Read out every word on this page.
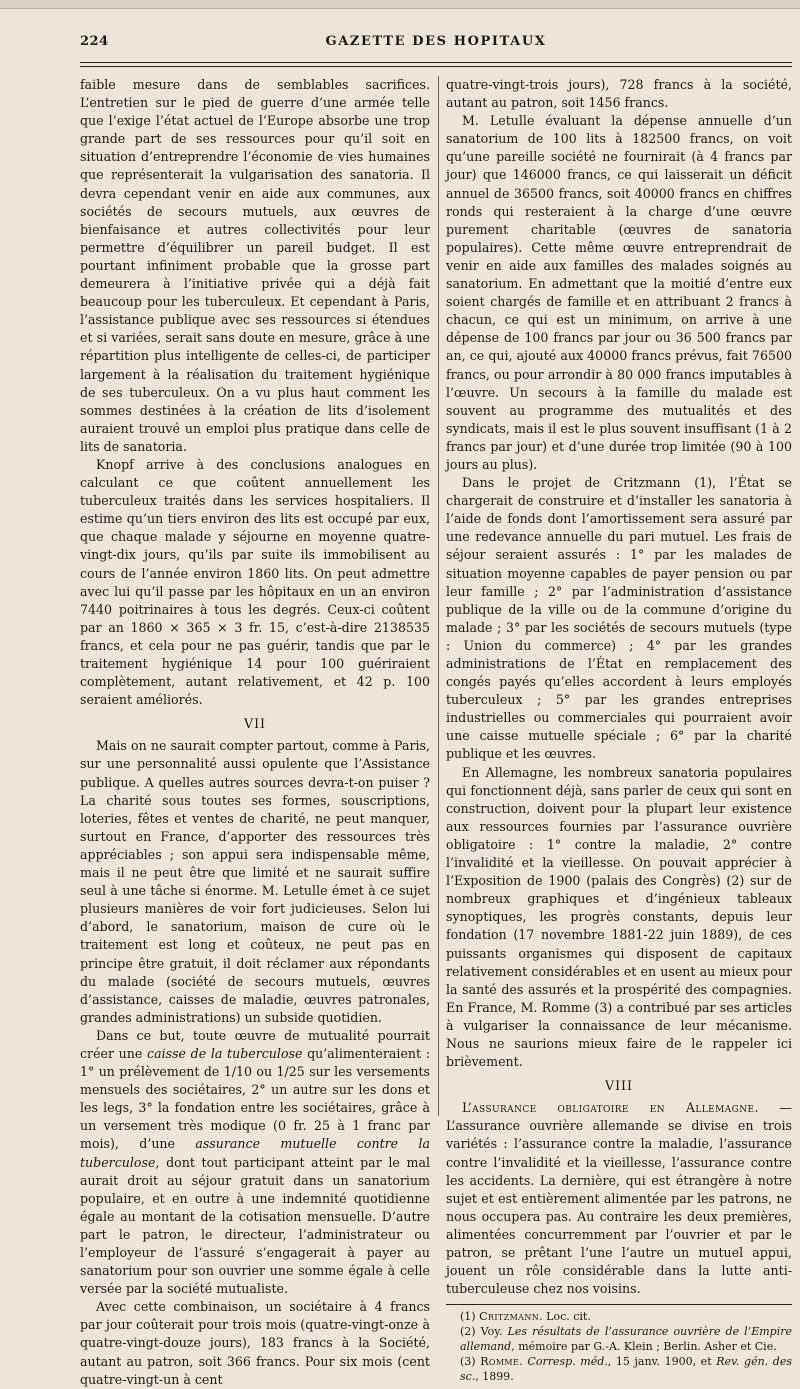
224	GAZETTE DES HOPITAUX

faible mesure dans de semblables sacrifices. L’entretien sur le pied de guerre d’une armée telle que l’exige l’état actuel de l’Europe absorbe une trop grande part de ses ressources pour qu’il soit en situation d’entreprendre l’économie de vies humaines que représenterait la vulgarisation des sanatoria. Il devra cependant venir en aide aux communes, aux sociétés de secours mutuels, aux œuvres de bienfaisance et autres collectivités pour leur permettre d’équilibrer un pareil budget. Il est pourtant infiniment probable que la grosse part demeurera à l’initiative privée qui a déjà fait beaucoup pour les tuberculeux. Et cependant à Paris, l’assistance publique avec ses ressources si étendues et si variées, serait sans doute en mesure, grâce à une répartition plus intelligente de celles-ci, de participer largement à la réalisation du traitement hygiénique de ses tuberculeux. On a vu plus haut comment les sommes destinées à la création de lits d’isolement auraient trouvé un emploi plus pratique dans celle de lits de sanatoria.

Knopf arrive à des conclusions analogues en calculant ce que coûtent annuellement les tuberculeux traités dans les services hospitaliers. Il estime qu’un tiers environ des lits est occupé par eux, que chaque malade y séjourne en moyenne quatre-vingt-dix jours, qu’ils par suite ils immobilisent au cours de l’année environ 1860 lits. On peut admettre avec lui qu’il passe par les hôpitaux en un an environ 7440 poitrinaires à tous les degrés. Ceux-ci coûtent par an 1860 × 365 × 3 fr. 15, c’est-à-dire 2138535 francs, et cela pour ne pas guérir, tandis que par le traitement hygiénique 14 pour 100 guériraient complètement, autant relativement, et 42 p. 100 seraient améliorés.

VII

Mais on ne saurait compter partout, comme à Paris, sur une personnalité aussi opulente que l’Assistance publique. A quelles autres sources devra-t-on puiser ? La charité sous toutes ses formes, souscriptions, loteries, fêtes et ventes de charité, ne peut manquer, surtout en France, d’apporter des ressources très appréciables ; son appui sera indispensable même, mais il ne peut être que limité et ne saurait suffire seul à une tâche si énorme. M. Letulle émet à ce sujet plusieurs manières de voir fort judicieuses. Selon lui d’abord, le sanatorium, maison de cure où le traitement est long et coûteux, ne peut pas en principe être gratuit, il doit réclamer aux répondants du malade (société de secours mutuels, œuvres d’assistance, caisses de maladie, œuvres patronales, grandes administrations) un subside quotidien.

Dans ce but, toute œuvre de mutualité pourrait créer une caisse de la tuberculose qu’alimenteraient : 1° un prélèvement de 1/10 ou 1/25 sur les versements mensuels des sociétaires, 2° un autre sur les dons et les legs, 3° la fondation entre les sociétaires, grâce à un versement très modique (0 fr. 25 à 1 franc par mois), d’une assurance mutuelle contre la tuberculose, dont tout participant atteint par le mal aurait droit au séjour gratuit dans un sanatorium populaire, et en outre à une indemnité quotidienne égale au montant de la cotisation mensuelle. D’autre part le patron, le directeur, l’administrateur ou l’employeur de l’assuré s’engagerait à payer au sanatorium pour son ouvrier une somme égale à celle versée par la société mutualiste.

Avec cette combinaison, un sociétaire à 4 francs par jour coûterait pour trois mois (quatre-vingt-onze à quatre-vingt-douze jours), 183 francs à la Société, autant au patron, soit 366 francs. Pour six mois (cent quatre-vingt-un à cent

quatre-vingt-trois jours), 728 francs à la société, autant au patron, soit 1456 francs.

M. Letulle évaluant la dépense annuelle d’un sanatorium de 100 lits à 182500 francs, on voit qu’une pareille société ne fournirait (à 4 francs par jour) que 146000 francs, ce qui laisserait un déficit annuel de 36500 francs, soit 40000 francs en chiffres ronds qui resteraient à la charge d’une œuvre purement charitable (œuvres de sanatoria populaires). Cette même œuvre entreprendrait de venir en aide aux familles des malades soignés au sanatorium. En admettant que la moitié d’entre eux soient chargés de famille et en attribuant 2 francs à chacun, ce qui est un minimum, on arrive à une dépense de 100 francs par jour ou 36 500 francs par an, ce qui, ajouté aux 40000 francs prévus, fait 76500 francs, ou pour arrondir à 80 000 francs imputables à l’œuvre. Un secours à la famille du malade est souvent au programme des mutualités et des syndicats, mais il est le plus souvent insuffisant (1 à 2 francs par jour) et d’une durée trop limitée (90 à 100 jours au plus).

Dans le projet de Critzmann (1), l’État se chargerait de construire et d’installer les sanatoria à l’aide de fonds dont l’amortissement sera assuré par une redevance annuelle du pari mutuel. Les frais de séjour seraient assurés : 1° par les malades de situation moyenne capables de payer pension ou par leur famille ; 2° par l’administration d’assistance publique de la ville ou de la commune d’origine du malade ; 3° par les sociétés de secours mutuels (type : Union du commerce) ; 4° par les grandes administrations de l’État en remplacement des congés payés qu’elles accordent à leurs employés tuberculeux ; 5° par les grandes entreprises industrielles ou commerciales qui pourraient avoir une caisse mutuelle spéciale ; 6° par la charité publique et les œuvres.

En Allemagne, les nombreux sanatoria populaires qui fonctionnent déjà, sans parler de ceux qui sont en construction, doivent pour la plupart leur existence aux ressources fournies par l’assurance ouvrière obligatoire : 1° contre la maladie, 2° contre l’invalidité et la vieillesse. On pouvait apprécier à l’Exposition de 1900 (palais des Congrès) (2) sur de nombreux graphiques et d’ingénieux tableaux synoptiques, les progrès constants, depuis leur fondation (17 novembre 1881-22 juin 1889), de ces puissants organismes qui disposent de capitaux relativement considérables et en usent au mieux pour la santé des assurés et la prospérité des compagnies. En France, M. Romme (3) a contribué par ses articles à vulgariser la connaissance de leur mécanisme. Nous ne saurions mieux faire de le rappeler ici brièvement.

VIII

L’assurance obligatoire en Allemagne. — L’assurance ouvrière allemande se divise en trois variétés : l’assurance contre la maladie, l’assurance contre l’invalidité et la vieillesse, l’assurance contre les accidents. La dernière, qui est étrangère à notre sujet et est entièrement alimentée par les patrons, ne nous occupera pas. Au contraire les deux premières, alimentées concurremment par l’ouvrier et par le patron, se prêtant l’une l’autre un mutuel appui, jouent un rôle considérable dans la lutte anti-tuberculeuse chez nos voisins.

(1) Critzmann. Loc. cit.

(2) Voy. Les résultats de l’assurance ouvrière de l’Empire allemand, mémoire par G.-A. Klein ; Berlin. Asher et Cie.

(3) Romme. Corresp. méd., 15 janv. 1900, et Rev. gén. des sc., 1899.
